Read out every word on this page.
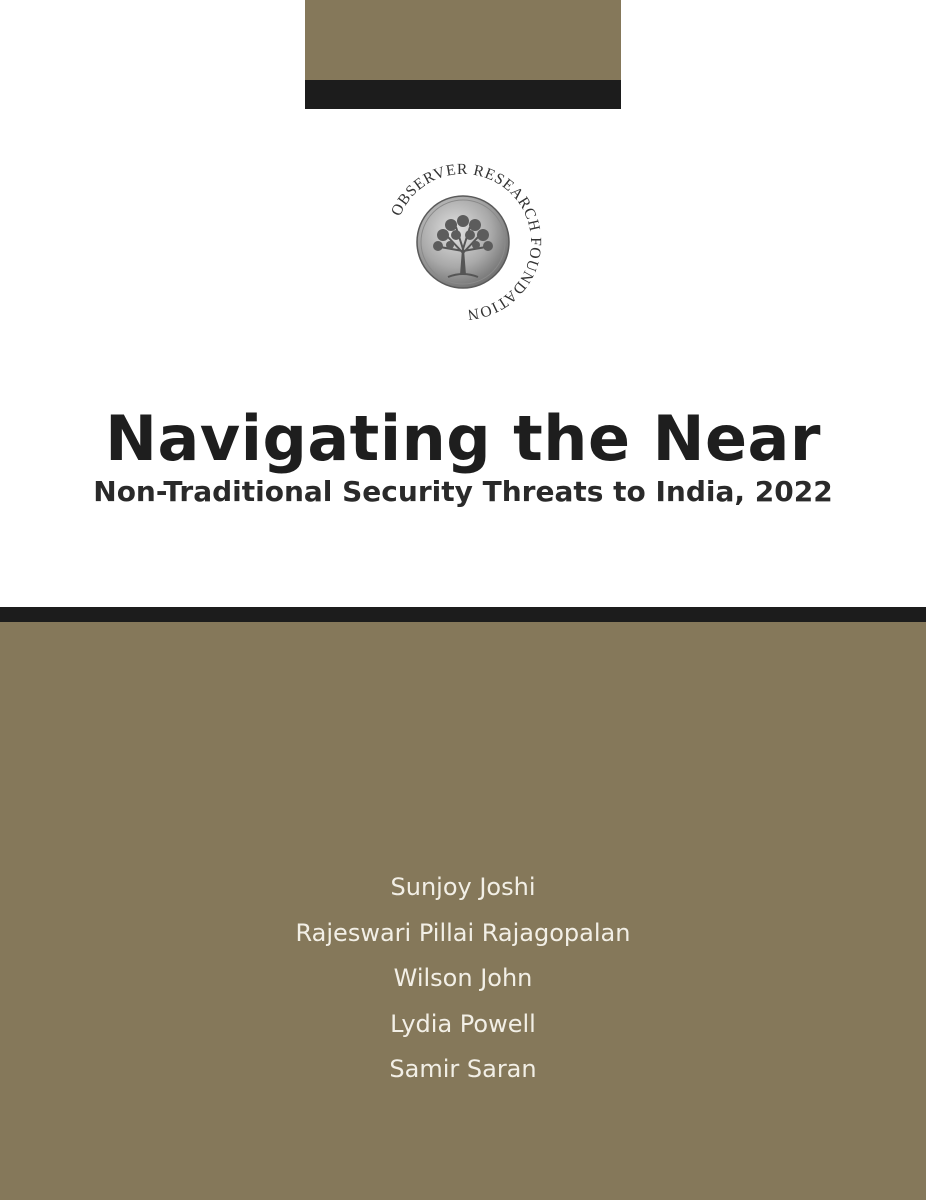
OBSERVER RESEARCH FOUNDATION
Navigating the Near
Non-Traditional Security Threats to India, 2022
Sunjoy Joshi
Rajeswari Pillai Rajagopalan
Wilson John
Lydia Powell
Samir Saran
